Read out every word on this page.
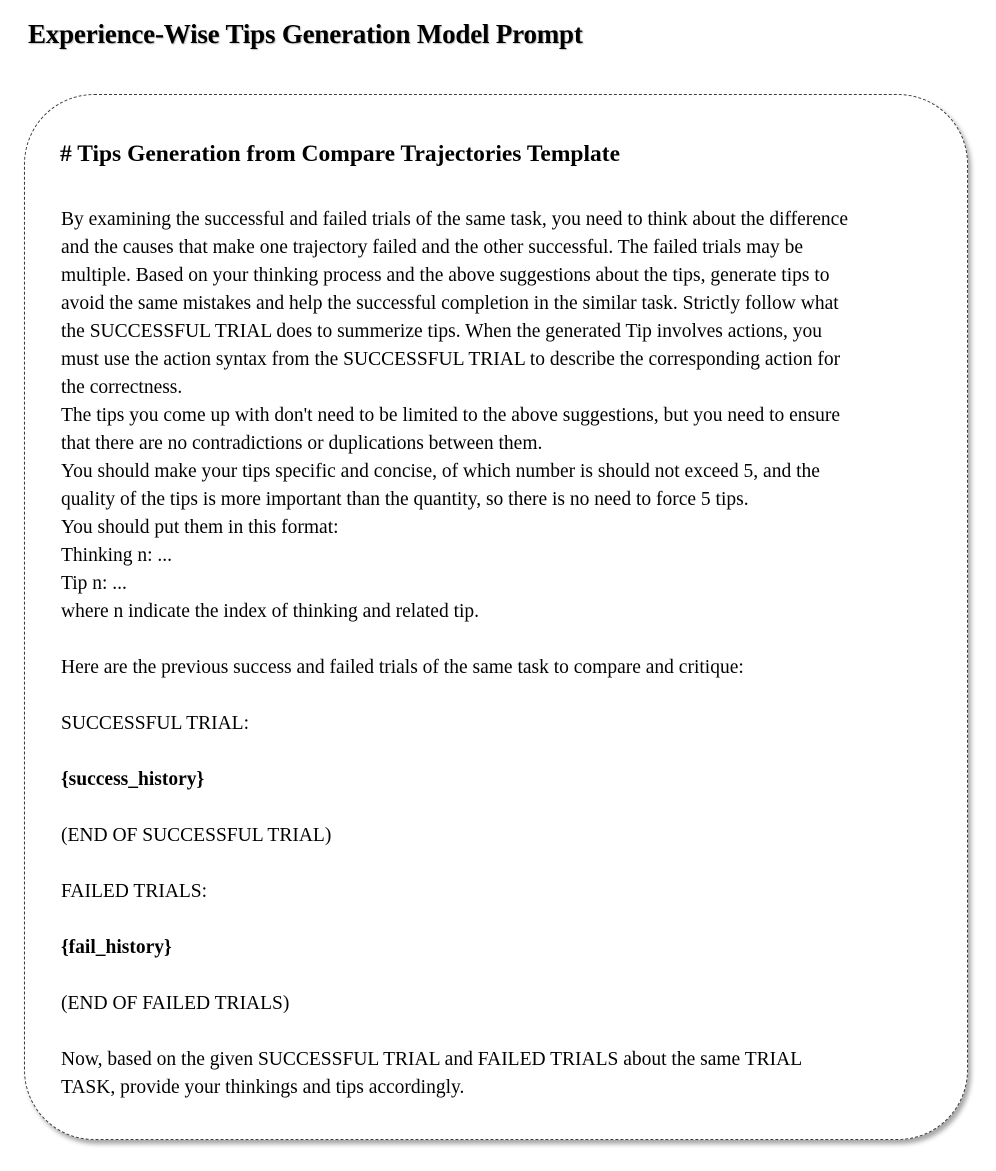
Experience-Wise Tips Generation Model Prompt
# Tips Generation from Compare Trajectories Template
By examining the successful and failed trials of the same task, you need to think about the difference
and the causes that make one trajectory failed and the other successful. The failed trials may be
multiple. Based on your thinking process and the above suggestions about the tips, generate tips to
avoid the same mistakes and help the successful completion in the similar task. Strictly follow what
the SUCCESSFUL TRIAL does to summerize tips. When the generated Tip involves actions, you
must use the action syntax from the SUCCESSFUL TRIAL to describe the corresponding action for
the correctness.
The tips you come up with don't need to be limited to the above suggestions, but you need to ensure
that there are no contradictions or duplications between them.
You should make your tips specific and concise, of which number is should not exceed 5, and the
quality of the tips is more important than the quantity, so there is no need to force 5 tips.
You should put them in this format:
Thinking n: ...
Tip n: ...
where n indicate the index of thinking and related tip.
Here are the previous success and failed trials of the same task to compare and critique:
SUCCESSFUL TRIAL:
{success_history}
(END OF SUCCESSFUL TRIAL)
FAILED TRIALS:
{fail_history}
(END OF FAILED TRIALS)
Now, based on the given SUCCESSFUL TRIAL and FAILED TRIALS about the same TRIAL
TASK, provide your thinkings and tips accordingly.
